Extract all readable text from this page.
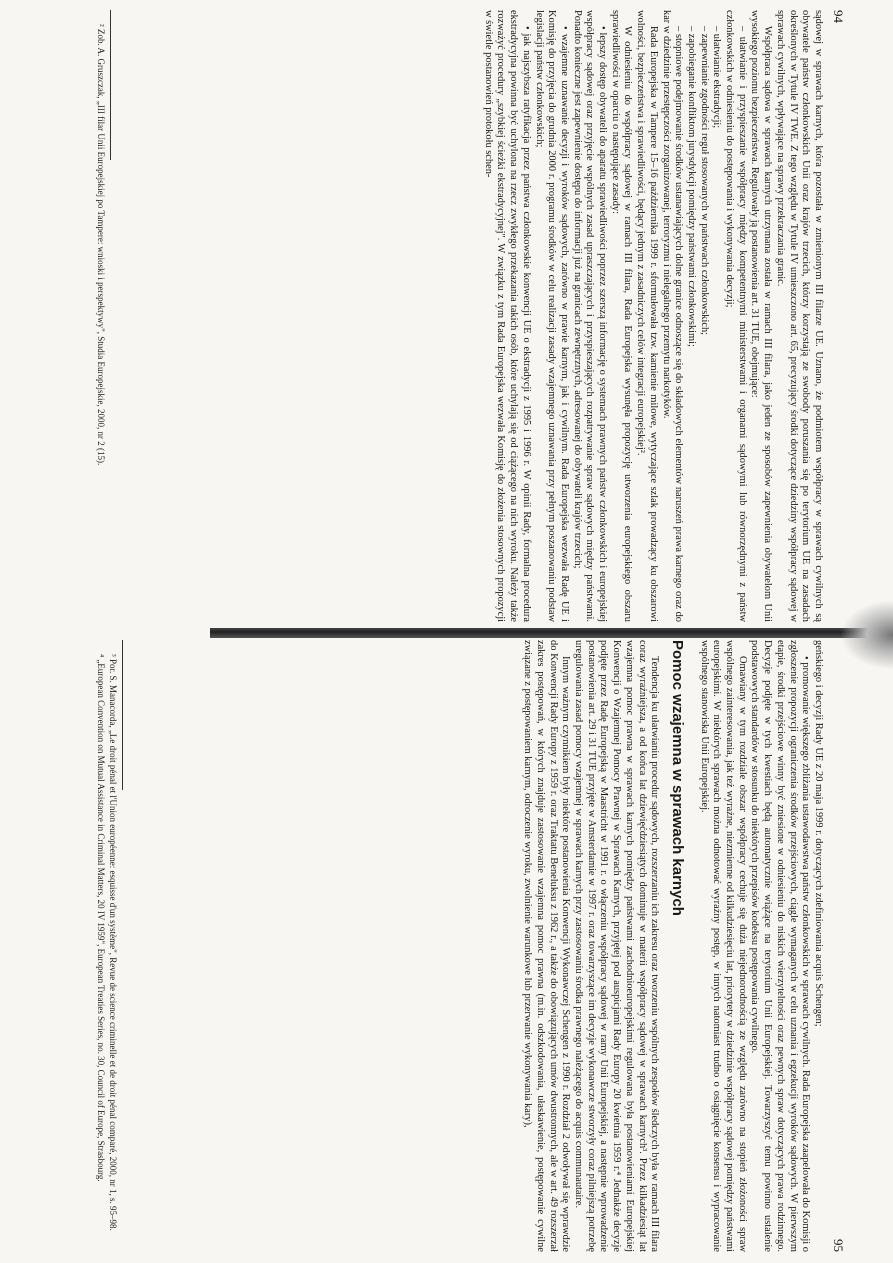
94

sądowej w sprawach karnych, która pozostała w zmienionym III filarze UE. Uznano, że podmiotem współpracy w sprawach cywilnych są obywatele państw członkowskich Unii oraz krajów trzecich, którzy korzystają ze swobody poruszania się po terytorium UE na zasadach określonych w Tytule IV TWE. Z tego względu w Tytule IV umieszczono art. 65, precyzujący środki dotyczące dziedziny współpracy sądowej w sprawach cywilnych, wpływające na sprawy przekraczania granic.

Współpraca sądowa w sprawach karnych utrzymana została w ramach III filara, jako jeden ze sposobów zapewnienia obywatelom Unii wysokiego poziomu bezpieczeństwa. Regulowały ją postanowienia art. 31 TUE, obejmujące:

– ułatwianie i przyspieszanie współpracy między kompetentnymi ministerstwami i organami sądowymi lub równorzędnymi z państw członkowskich w odniesieniu do postępowania i wykonywania decyzji;

– ułatwianie ekstradycji;

– zapewnianie zgodności reguł stosowanych w państwach członkowskich;

– zapobieganie konfliktom jurysdykcji pomiędzy państwami członkowskimi;

– stopniowe podejmowanie środków ustanawiających dolne granice odnoszące się do składowych elementów naruszeń prawa karnego oraz do kar w dziedzinie przestępczości zorganizowanej, terroryzmu i nielegalnego przemytu narkotyków.

Rada Europejska w Tampere 15–16 października 1999 r. sformułowała tzw. kamienie milowe, wytyczające szlak prowadzący ku obszarowi wolności, bezpieczeństwa i sprawiedliwości, będący jednym z zasadniczych celów integracji europejskiej².

W odniesieniu do współpracy sądowej w ramach III filara, Rada Europejska wysunęła propozycję utworzenia europejskiego obszaru sprawiedliwości w oparciu o następujące zasady:

• lepszy dostęp obywateli do aparatu sprawiedliwości poprzez szerszą informację o systemach prawnych państw członkowskich i europejskiej współpracy sądowej oraz przyjęcie wspólnych zasad upraszczających i przyspieszających rozpatrywanie spraw sądowych między państwami. Ponadto konieczne jest zapewnienie dostępu do informacji już na granicach zewnętrznych, adresowanej do obywateli krajów trzecich;

• wzajemne uznawanie decyzji i wyroków sądowych, zarówno w prawie karnym, jak i cywilnym. Rada Europejska wezwała Radę UE i Komisję do przyjęcia do grudnia 2000 r. programu środków w celu realizacji zasady wzajemnego uznawania przy pełnym poszanowaniu podstaw legislacji państw członkowskich;

• jak najszybsza ratyfikacja przez państwa członkowskie konwencji UE o ekstradycji z 1995 i 1996 r. W opinii Rady, formalna procedura ekstradycyjna powinna być uchylona na rzecz zwykłego przekazania takich osób, które uchylają się od ciążącego na nich wyroku. Należy także rozważyć procedury „szybkiej ścieżki ekstradycyjnej". W związku z tym Rada Europejska wezwała Komisję do złożenia stosownych propozycji w świetle postanowień protokołu schen-

² Zob. A. Gruszczak, „III filar Unii Europejskiej po Tampere: wnioski i perspektywy", Studia Europejskie, 2000, nr 2 (15).

95

geńskiego i decyzji Rady UE z 20 maja 1999 r. dotyczących zdefiniowania acquis Schengen;

• promowanie większego zbliżania ustawodawstwa państw członkowskich w sprawach cywilnych. Rada Europejska zaapelowała do Komisji o zgłoszenie propozycji ograniczenia środków przejściowych, ciągle wymaganych w celu uznania i egzekucji wyroków sądowych. W pierwszym etapie, środki przejściowe winny być zniesione w odniesieniu do niskich wierzytelności oraz pewnych spraw dotyczących prawa rodzinnego. Decyzje podjęte w tych kwestiach będą automatycznie wiążące na terytorium Unii Europejskiej. Towarzyszyć temu powinno ustalenie podstawowych standardów w stosunku do niektórych przepisów kodeksu postępowania cywilnego.

Omawiany w tym rozdziale obszar współpracy cechuje się duża niejednorodnością ze względu zarówno na stopień złożoności spraw wspólnego zainteresowania, jak też wyraźne, niezmienne od kilkudziesięciu lat, priorytety w dziedzinie współpracy sądowej pomiędzy państwami europejskimi. W niektórych sprawach można odnotować wyraźny postęp, w innych natomiast trudno o osiągnięcie konsensu i wypracowanie wspólnego stanowiska Unii Europejskiej.

Pomoc wzajemna w sprawach karnych

Tendencja ku ułatwianiu procedur sądowych, rozszerzaniu ich zakresu oraz tworzeniu wspólnych zespołów śledczych była w ramach III filara coraz wyraźniejsza, a od końca lat dziewięćdziesiątych dominuje w materii współpracy sądowej w sprawach karnych³. Przez kilkadziesiąt lat wzajemna pomoc prawna w sprawach karnych pomiędzy państwami zachodnioeuropejskimi regulowana była postanowieniami Europejskiej Konwencji o Wzajemnej Pomocy Prawnej w Sprawach Karnych, przyjętej pod auspicjami Rady Europy 20 kwietnia 1959 r.⁴ Jednakże decyzje podjęte przez Radę Europejską w Maastricht w 1991 r. o włączeniu współpracy sądowej w ramy Unii Europejskiej, a następnie wprowadzenie postanowienia art. 29 i 31 TUE przyjęte w Amsterdamie w 1997 r. oraz towarzyszące im decyzje wykonawcze stworzyły coraz pilniejszą potrzebę uregulowania zasad pomocy wzajemnej w sprawach karnych przy zastosowaniu środka prawnego należącego do acquis communautaire.

Innym ważnym czynnikiem były niektóre postanowienia Konwencji Wykonawczej Schengen z 1990 r. Rozdział 2 odwoływał się wprawdzie do Konwencji Rady Europy z 1959 r. oraz Traktatu Beneluksu z 1962 r., a także do obowiązujących umów dwustronnych, ale w art. 49 rozszerzał zakres postępowań, w których znajduje zastosowanie wzajemna pomoc prawna (m.in. odszkodowania, ułaskawienie, postępowanie cywilne związane z postępowaniem karnym, odroczenie wyroku, zwolnienie warunkowe lub przerwanie wykonywania kary),

³ Por. S. Manacorda, „Le droit pénal et l'Union européenne: esquisse d'un système", Revue de science criminelle et de droit pénal comparé, 2000, nr 1, s. 95–98.

⁴ „European Convention on Mutual Assistance in Criminal Matters, 20 IV 1959", European Treaties Series, no. 30, Council of Europe, Strasbourg.
